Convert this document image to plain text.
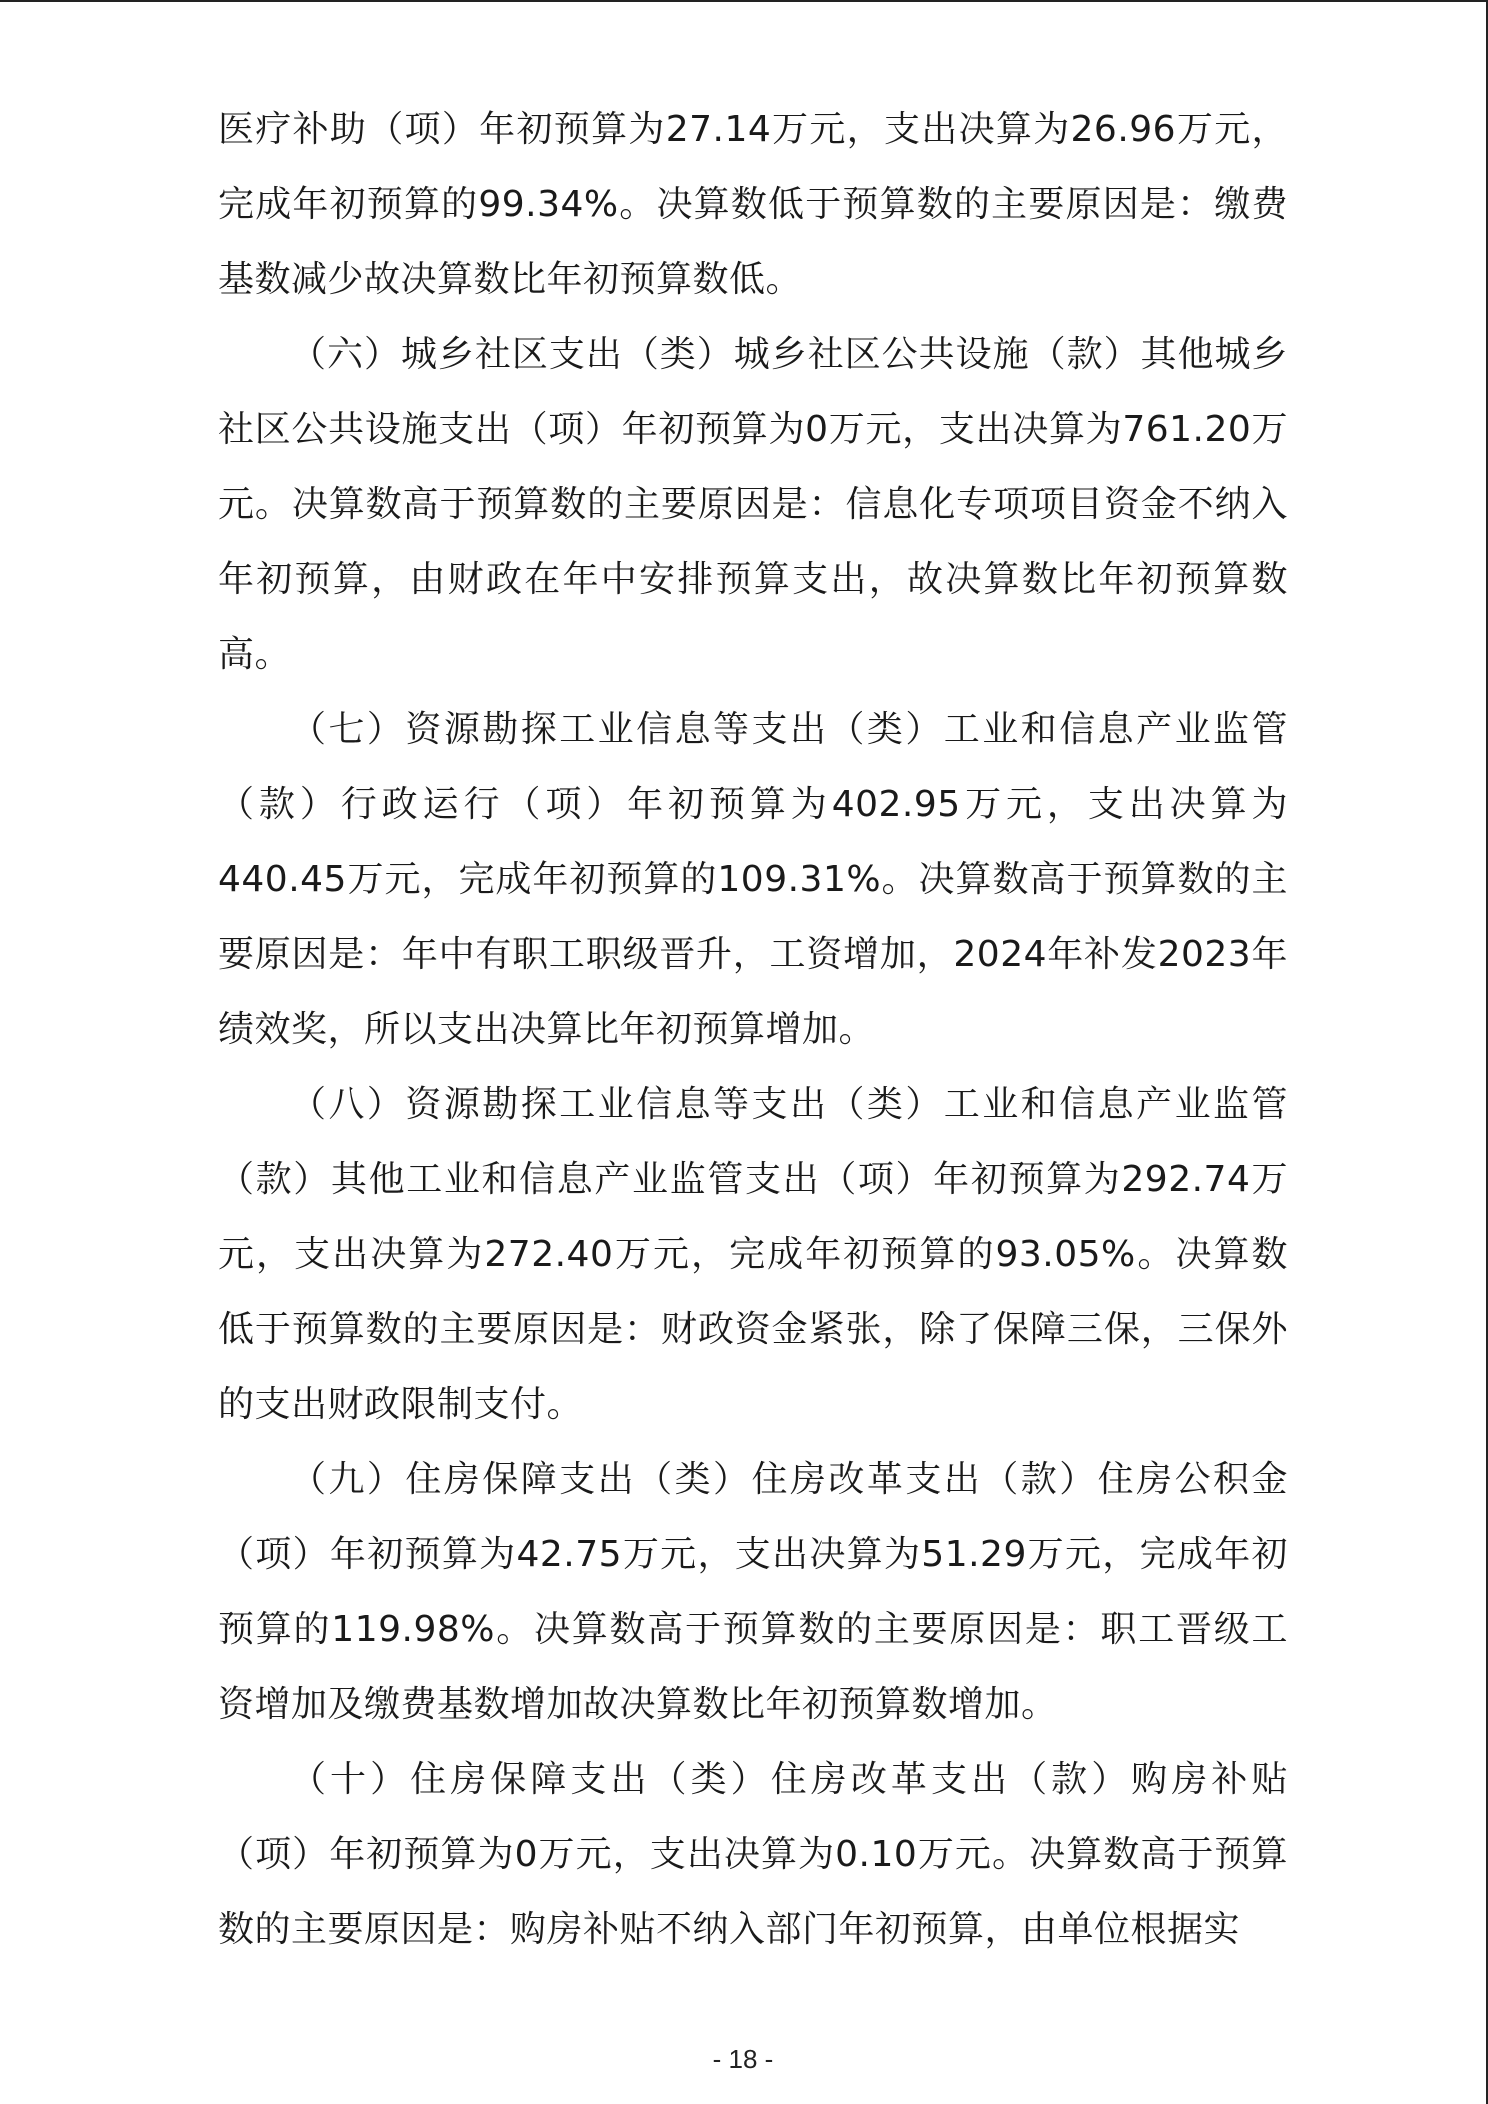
医疗补助（项）年初预算为27.14万元，支出决算为26.96万元，完成年初预算的99.34%。决算数低于预算数的主要原因是：缴费基数减少故决算数比年初预算数低。

（六）城乡社区支出（类）城乡社区公共设施（款）其他城乡社区公共设施支出（项）年初预算为0万元，支出决算为761.20万元。决算数高于预算数的主要原因是：信息化专项项目资金不纳入年初预算，由财政在年中安排预算支出，故决算数比年初预算数高。

（七）资源勘探工业信息等支出（类）工业和信息产业监管（款）行政运行（项）年初预算为402.95万元，支出决算为440.45万元，完成年初预算的109.31%。决算数高于预算数的主要原因是：年中有职工职级晋升，工资增加，2024年补发2023年绩效奖，所以支出决算比年初预算增加。

（八）资源勘探工业信息等支出（类）工业和信息产业监管（款）其他工业和信息产业监管支出（项）年初预算为292.74万元，支出决算为272.40万元，完成年初预算的93.05%。决算数低于预算数的主要原因是：财政资金紧张，除了保障三保，三保外的支出财政限制支付。

（九）住房保障支出（类）住房改革支出（款）住房公积金（项）年初预算为42.75万元，支出决算为51.29万元，完成年初预算的119.98%。决算数高于预算数的主要原因是：职工晋级工资增加及缴费基数增加故决算数比年初预算数增加。

（十）住房保障支出（类）住房改革支出（款）购房补贴（项）年初预算为0万元，支出决算为0.10万元。决算数高于预算数的主要原因是：购房补贴不纳入部门年初预算，由单位根据实

- 18 -
